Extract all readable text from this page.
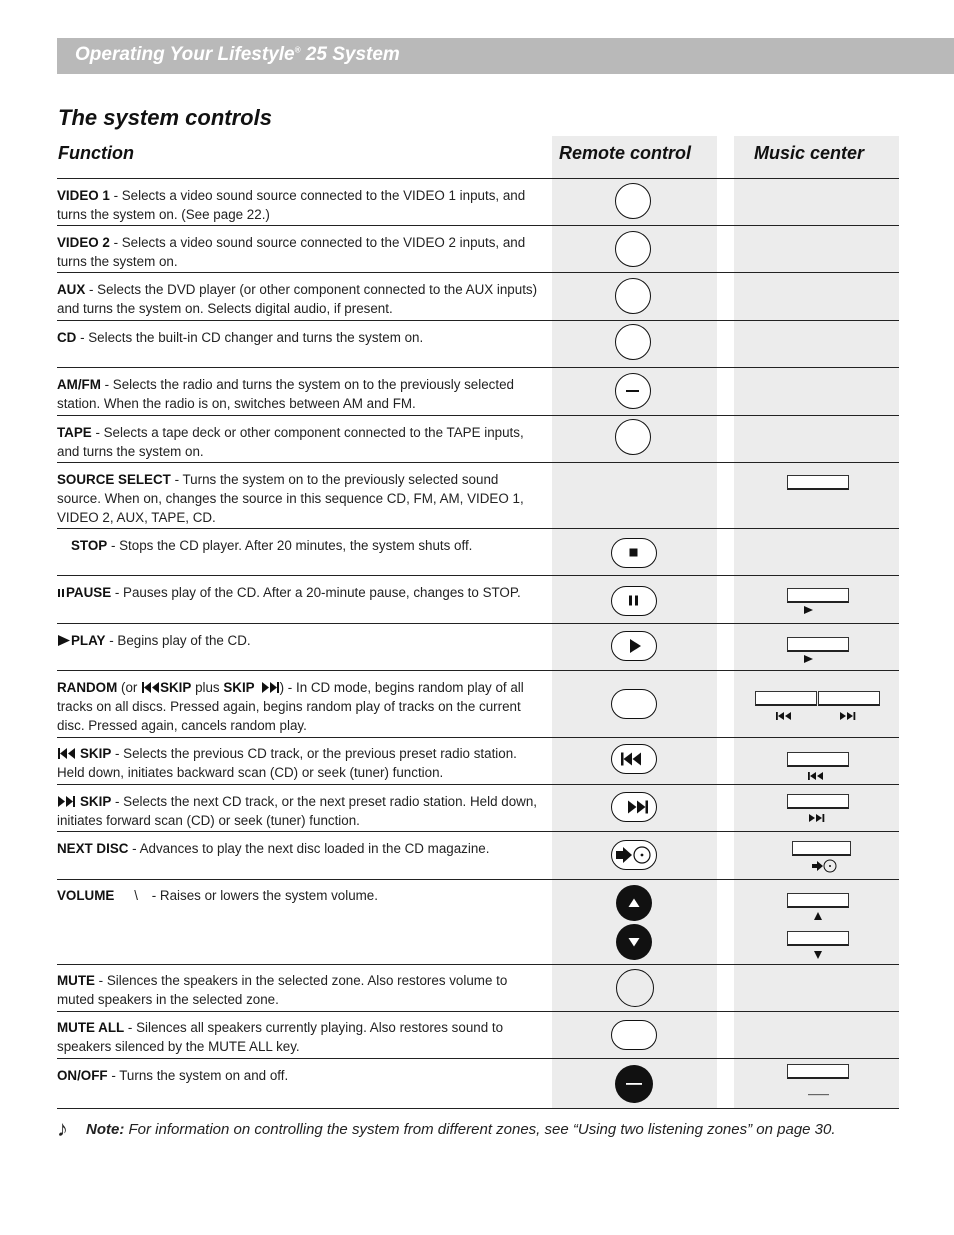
Operating Your Lifestyle® 25 System
The system controls
Function	Remote control	Music center
VIDEO 1 - Selects a video sound source connected to the VIDEO 1 inputs, and turns the system on. (See page 22.)
VIDEO 2 - Selects a video sound source connected to the VIDEO 2 inputs, and turns the system on.
AUX - Selects the DVD player (or other component connected to the AUX inputs) and turns the system on. Selects digital audio, if present.
CD - Selects the built-in CD changer and turns the system on.
AM/FM - Selects the radio and turns the system on to the previously selected station. When the radio is on, switches between AM and FM.
TAPE - Selects a tape deck or other component connected to the TAPE inputs, and turns the system on.
SOURCE SELECT - Turns the system on to the previously selected sound source. When on, changes the source in this sequence CD, FM, AM, VIDEO 1, VIDEO 2, AUX, TAPE, CD.
STOP - Stops the CD player. After 20 minutes, the system shuts off.
PAUSE - Pauses play of the CD. After a 20-minute pause, changes to STOP.
PLAY - Begins play of the CD.
RANDOM (or SKIP plus SKIP ) - In CD mode, begins random play of all tracks on all discs. Pressed again, begins random play of tracks on the current disc. Pressed again, cancels random play.
SKIP - Selects the previous CD track, or the previous preset radio station. Held down, initiates backward scan (CD) or seek (tuner) function.
SKIP - Selects the next CD track, or the next preset radio station. Held down, initiates forward scan (CD) or seek (tuner) function.
NEXT DISC - Advances to play the next disc loaded in the CD magazine.
VOLUME \ - Raises or lowers the system volume.
MUTE - Silences the speakers in the selected zone. Also restores volume to muted speakers in the selected zone.
MUTE ALL - Silences all speakers currently playing. Also restores sound to speakers silenced by the MUTE ALL key.
ON/OFF - Turns the system on and off.
♪ Note: For information on controlling the system from different zones, see “Using two listening zones” on page 30.
